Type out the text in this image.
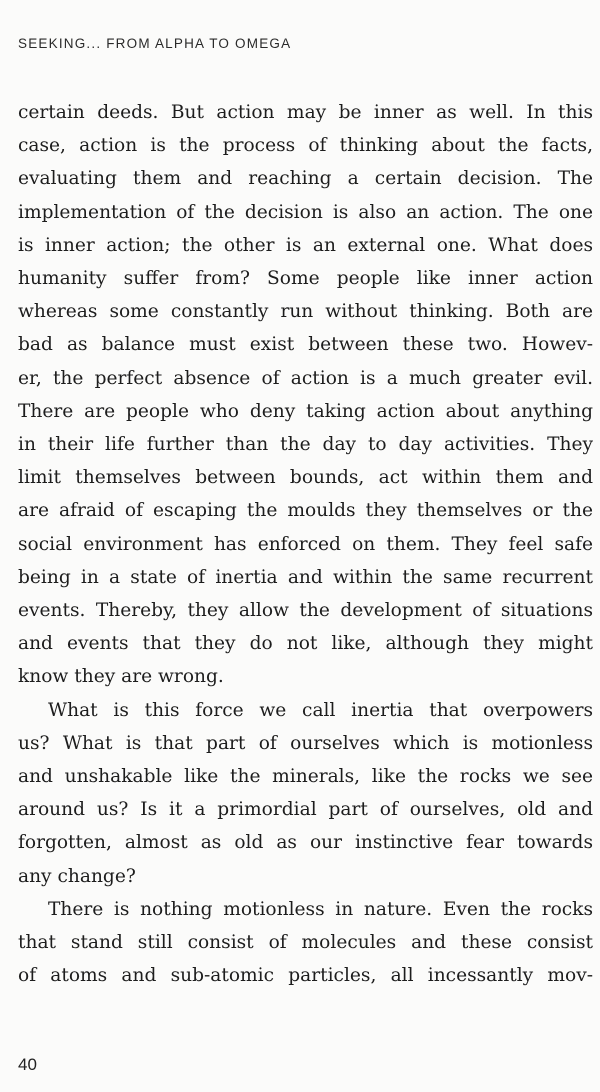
SEEKING... FROM ALPHA TO OMEGA

certain deeds. But action may be inner as well. In this
case, action is the process of thinking about the facts,
evaluating them and reaching a certain decision. The
implementation of the decision is also an action. The one
is inner action; the other is an external one. What does
humanity suffer from? Some people like inner action
whereas some constantly run without thinking. Both are
bad as balance must exist between these two. Howev-
er, the perfect absence of action is a much greater evil.
There are people who deny taking action about anything
in their life further than the day to day activities. They
limit themselves between bounds, act within them and
are afraid of escaping the moulds they themselves or the
social environment has enforced on them. They feel safe
being in a state of inertia and within the same recurrent
events. Thereby, they allow the development of situations
and events that they do not like, although they might
know they are wrong.

What is this force we call inertia that overpowers
us? What is that part of ourselves which is motionless
and unshakable like the minerals, like the rocks we see
around us? Is it a primordial part of ourselves, old and
forgotten, almost as old as our instinctive fear towards
any change?

There is nothing motionless in nature. Even the rocks
that stand still consist of molecules and these consist
of atoms and sub-atomic particles, all incessantly mov-

40
